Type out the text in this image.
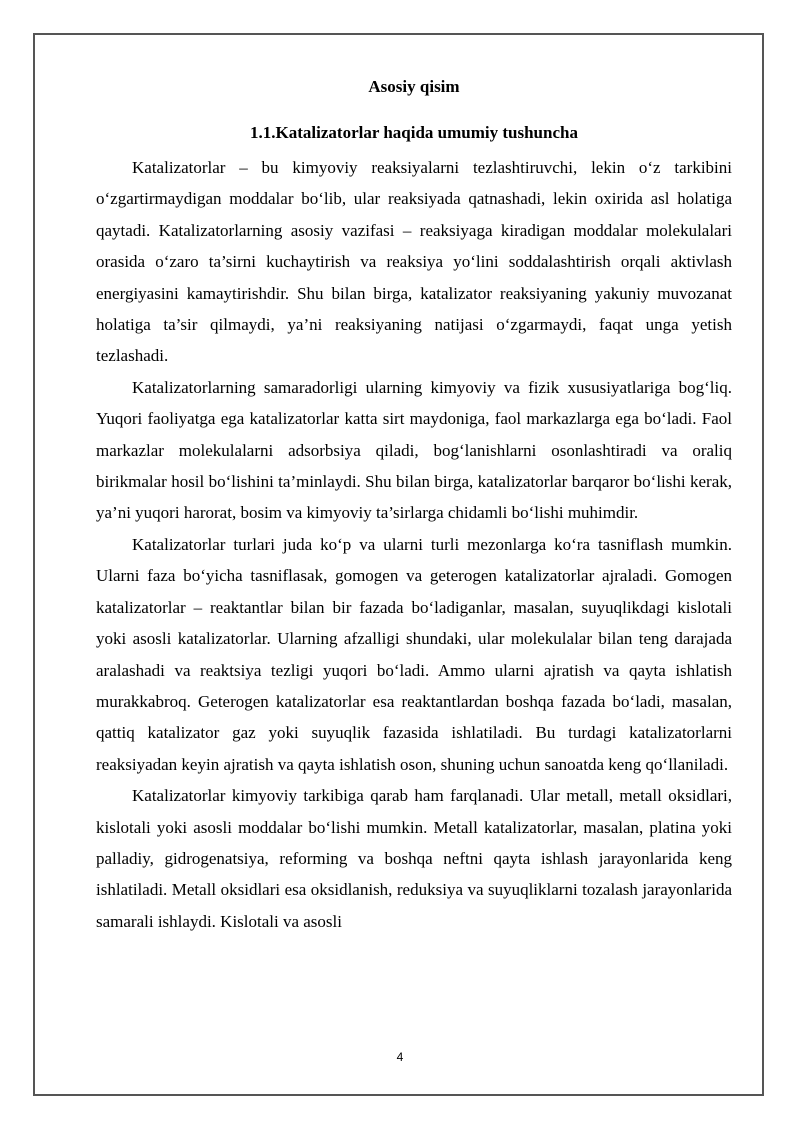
Asosiy qisim
1.1.Katalizatorlar haqida umumiy tushuncha

Katalizatorlar – bu kimyoviy reaksiyalarni tezlashtiruvchi, lekin o‘z tarkibini o‘zgartirmaydigan moddalar bo‘lib, ular reaksiyada qatnashadi, lekin oxirida asl holatiga qaytadi. Katalizatorlarning asosiy vazifasi – reaksiyaga kiradigan moddalar molekulalari orasida o‘zaro ta’sirni kuchaytirish va reaksiya yo‘lini soddalashtirish orqali aktivlash energiyasini kamaytirishdir. Shu bilan birga, katalizator reaksiyaning yakuniy muvozanat holatiga ta’sir qilmaydi, ya’ni reaksiyaning natijasi o‘zgarmaydi, faqat unga yetish tezlashadi.

Katalizatorlarning samaradorligi ularning kimyoviy va fizik xususiyatlariga bog‘liq. Yuqori faoliyatga ega katalizatorlar katta sirt maydoniga, faol markazlarga ega bo‘ladi. Faol markazlar molekulalarni adsorbsiya qiladi, bog‘lanishlarni osonlashtiradi va oraliq birikmalar hosil bo‘lishini ta’minlaydi. Shu bilan birga, katalizatorlar barqaror bo‘lishi kerak, ya’ni yuqori harorat, bosim va kimyoviy ta’sirlarga chidamli bo‘lishi muhimdir.

Katalizatorlar turlari juda ko‘p va ularni turli mezonlarga ko‘ra tasniflash mumkin. Ularni faza bo‘yicha tasniflasak, gomogen va geterogen katalizatorlar ajraladi. Gomogen katalizatorlar – reaktantlar bilan bir fazada bo‘ladiganlar, masalan, suyuqlikdagi kislotali yoki asosli katalizatorlar. Ularning afzalligi shundaki, ular molekulalar bilan teng darajada aralashadi va reaktsiya tezligi yuqori bo‘ladi. Ammo ularni ajratish va qayta ishlatish murakkabroq. Geterogen katalizatorlar esa reaktantlardan boshqa fazada bo‘ladi, masalan, qattiq katalizator gaz yoki suyuqlik fazasida ishlatiladi. Bu turdagi katalizatorlarni reaksiyadan keyin ajratish va qayta ishlatish oson, shuning uchun sanoatda keng qo‘llaniladi.

Katalizatorlar kimyoviy tarkibiga qarab ham farqlanadi. Ular metall, metall oksidlari, kislotali yoki asosli moddalar bo‘lishi mumkin. Metall katalizatorlar, masalan, platina yoki palladiy, gidrogenatsiya, reforming va boshqa neftni qayta ishlash jarayonlarida keng ishlatiladi. Metall oksidlari esa oksidlanish, reduksiya va suyuqliklarni tozalash jarayonlarida samarali ishlaydi. Kislotali va asosli

4
